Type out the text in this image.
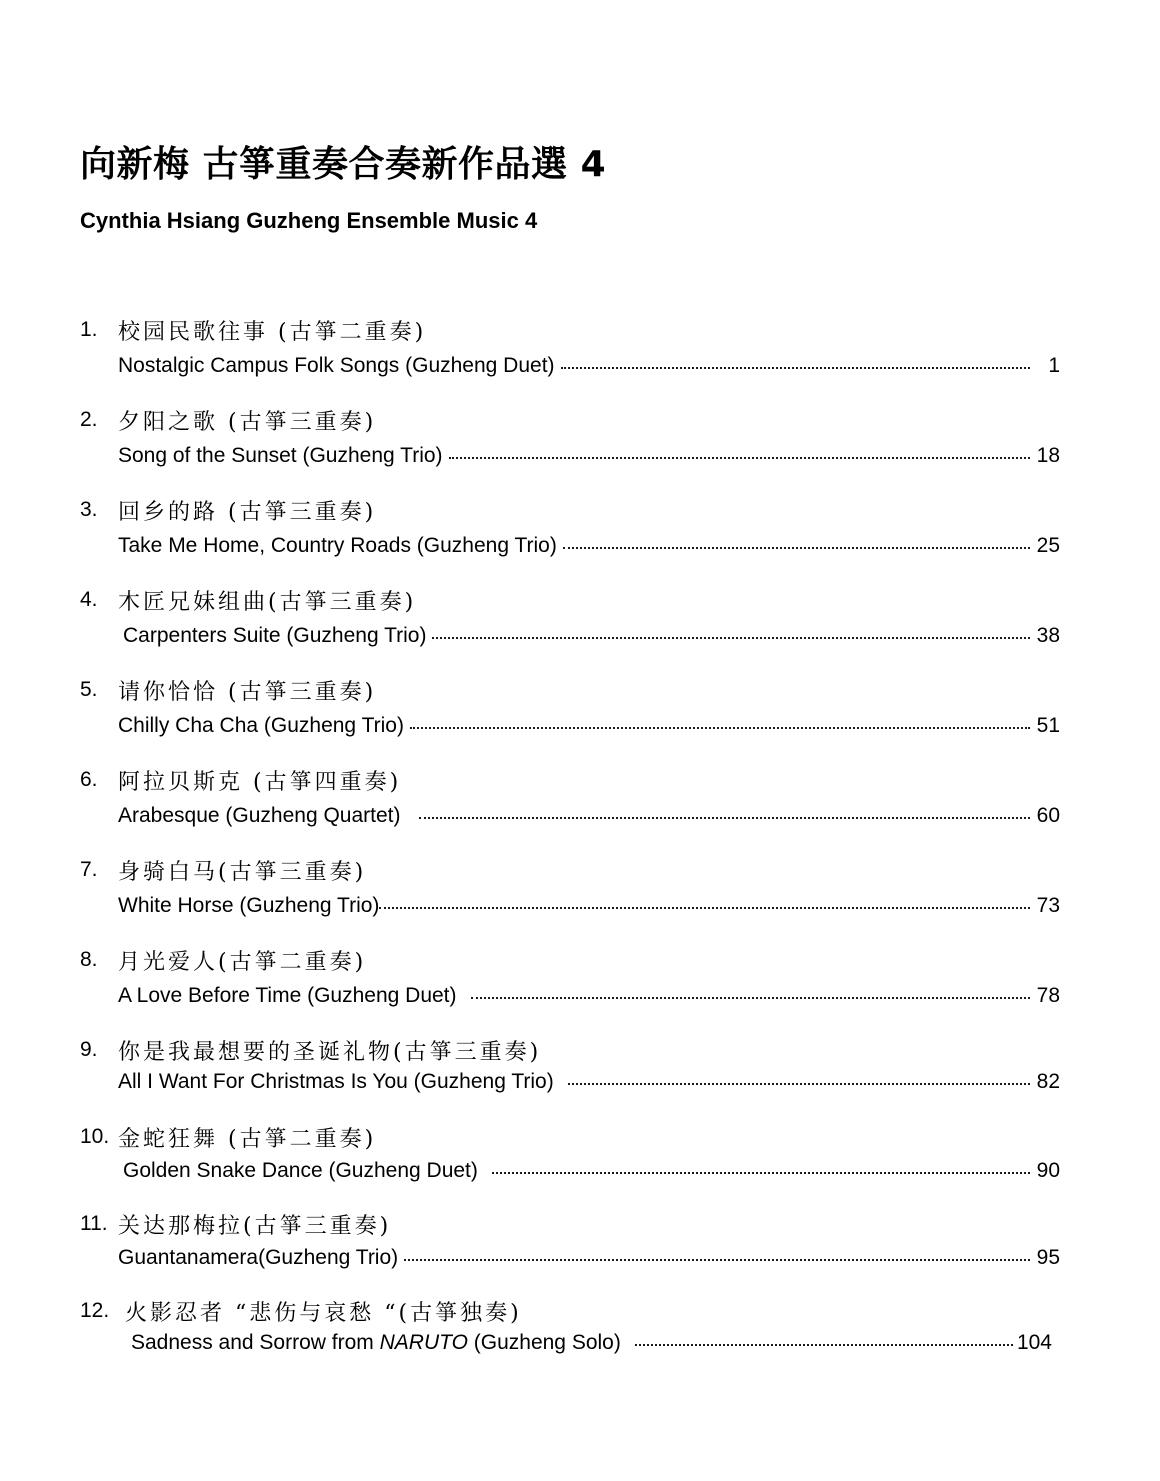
向新梅 古箏重奏合奏新作品選 4
Cynthia Hsiang Guzheng Ensemble Music 4
1. 校园民歌往事 (古箏二重奏)
Nostalgic Campus Folk Songs (Guzheng Duet)	1
2. 夕阳之歌 (古箏三重奏)
Song of the Sunset (Guzheng Trio)	18
3. 回乡的路 (古箏三重奏)
Take Me Home, Country Roads (Guzheng Trio)	25
4. 木匠兄妹组曲(古箏三重奏)
Carpenters Suite (Guzheng Trio)	38
5. 请你恰恰 (古箏三重奏)
Chilly Cha Cha (Guzheng Trio)	51
6. 阿拉贝斯克 (古箏四重奏)
Arabesque (Guzheng Quartet)	60
7. 身骑白马(古箏三重奏)
White Horse (Guzheng Trio)	73
8. 月光爱人(古箏二重奏)
A Love Before Time (Guzheng Duet)	78
9. 你是我最想要的圣诞礼物(古箏三重奏)
All I Want For Christmas Is You (Guzheng Trio)	82
10. 金蛇狂舞 (古箏二重奏)
Golden Snake Dance (Guzheng Duet)	90
11. 关达那梅拉(古箏三重奏)
Guantanamera(Guzheng Trio)	95
12. 火影忍者 “悲伤与哀愁 “(古箏独奏)
Sadness and Sorrow from NARUTO (Guzheng Solo)	104
